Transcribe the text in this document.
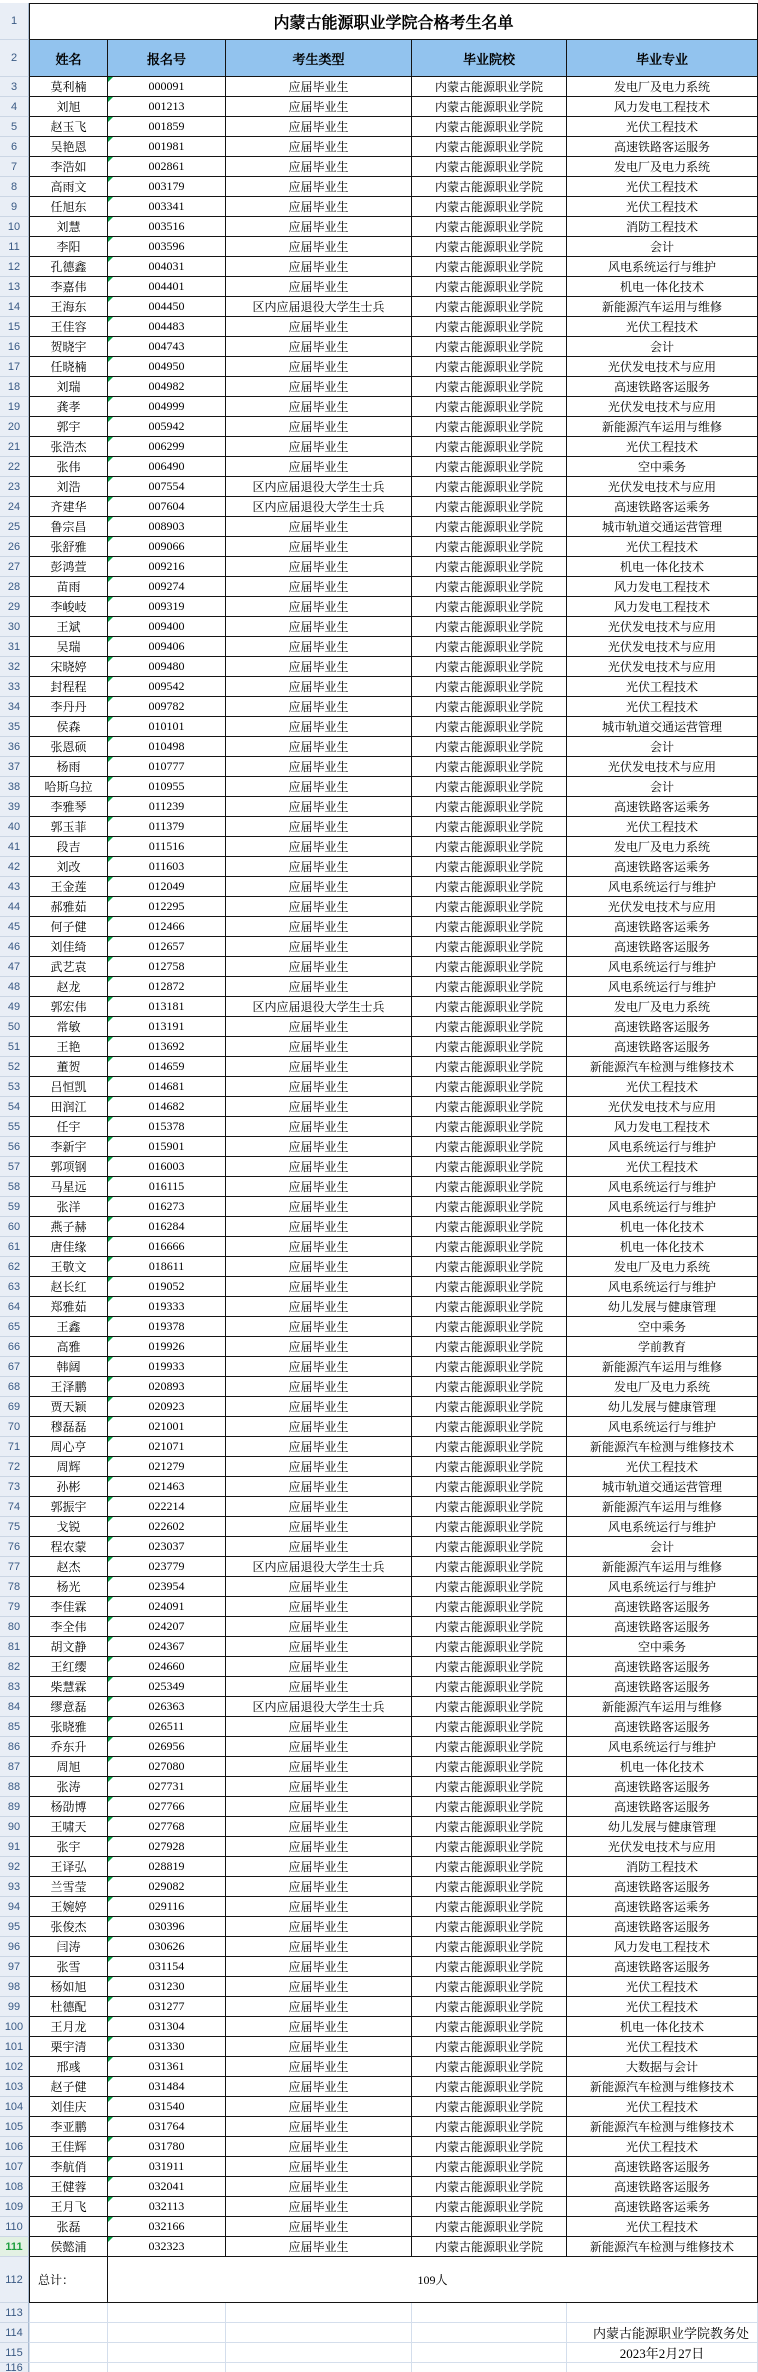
1	内蒙古能源职业学院合格考生名单
2	姓名	报名号	考生类型	毕业院校	毕业专业
3	莫利楠	000091	应届毕业生	内蒙古能源职业学院	发电厂及电力系统
4	刘旭	001213	应届毕业生	内蒙古能源职业学院	风力发电工程技术
5	赵玉飞	001859	应届毕业生	内蒙古能源职业学院	光伏工程技术
6	吴艳恩	001981	应届毕业生	内蒙古能源职业学院	高速铁路客运服务
7	李浩如	002861	应届毕业生	内蒙古能源职业学院	发电厂及电力系统
8	高雨文	003179	应届毕业生	内蒙古能源职业学院	光伏工程技术
9	任旭东	003341	应届毕业生	内蒙古能源职业学院	光伏工程技术
10	刘慧	003516	应届毕业生	内蒙古能源职业学院	消防工程技术
11	李阳	003596	应届毕业生	内蒙古能源职业学院	会计
12	孔德鑫	004031	应届毕业生	内蒙古能源职业学院	风电系统运行与维护
13	李嘉伟	004401	应届毕业生	内蒙古能源职业学院	机电一体化技术
14	王海东	004450	区内应届退役大学生士兵	内蒙古能源职业学院	新能源汽车运用与维修
15	王佳容	004483	应届毕业生	内蒙古能源职业学院	光伏工程技术
16	贺晓宇	004743	应届毕业生	内蒙古能源职业学院	会计
17	任晓楠	004950	应届毕业生	内蒙古能源职业学院	光伏发电技术与应用
18	刘瑞	004982	应届毕业生	内蒙古能源职业学院	高速铁路客运服务
19	龚孝	004999	应届毕业生	内蒙古能源职业学院	光伏发电技术与应用
20	郭宇	005942	应届毕业生	内蒙古能源职业学院	新能源汽车运用与维修
21	张浩杰	006299	应届毕业生	内蒙古能源职业学院	光伏工程技术
22	张伟	006490	应届毕业生	内蒙古能源职业学院	空中乘务
23	刘浩	007554	区内应届退役大学生士兵	内蒙古能源职业学院	光伏发电技术与应用
24	齐建华	007604	区内应届退役大学生士兵	内蒙古能源职业学院	高速铁路客运乘务
25	鲁宗昌	008903	应届毕业生	内蒙古能源职业学院	城市轨道交通运营管理
26	张舒雅	009066	应届毕业生	内蒙古能源职业学院	光伏工程技术
27	彭鸿萱	009216	应届毕业生	内蒙古能源职业学院	机电一体化技术
28	苗雨	009274	应届毕业生	内蒙古能源职业学院	风力发电工程技术
29	李峻岐	009319	应届毕业生	内蒙古能源职业学院	风力发电工程技术
30	王斌	009400	应届毕业生	内蒙古能源职业学院	光伏发电技术与应用
31	吴瑞	009406	应届毕业生	内蒙古能源职业学院	光伏发电技术与应用
32	宋晓婷	009480	应届毕业生	内蒙古能源职业学院	光伏发电技术与应用
33	封程程	009542	应届毕业生	内蒙古能源职业学院	光伏工程技术
34	李丹丹	009782	应届毕业生	内蒙古能源职业学院	光伏工程技术
35	侯森	010101	应届毕业生	内蒙古能源职业学院	城市轨道交通运营管理
36	张恩硕	010498	应届毕业生	内蒙古能源职业学院	会计
37	杨雨	010777	应届毕业生	内蒙古能源职业学院	光伏发电技术与应用
38	哈斯乌拉	010955	应届毕业生	内蒙古能源职业学院	会计
39	李雅琴	011239	应届毕业生	内蒙古能源职业学院	高速铁路客运乘务
40	郭玉菲	011379	应届毕业生	内蒙古能源职业学院	光伏工程技术
41	段吉	011516	应届毕业生	内蒙古能源职业学院	发电厂及电力系统
42	刘改	011603	应届毕业生	内蒙古能源职业学院	高速铁路客运乘务
43	王金莲	012049	应届毕业生	内蒙古能源职业学院	风电系统运行与维护
44	郝雅茹	012295	应届毕业生	内蒙古能源职业学院	光伏发电技术与应用
45	何子健	012466	应届毕业生	内蒙古能源职业学院	高速铁路客运乘务
46	刘佳绮	012657	应届毕业生	内蒙古能源职业学院	高速铁路客运服务
47	武艺袁	012758	应届毕业生	内蒙古能源职业学院	风电系统运行与维护
48	赵龙	012872	应届毕业生	内蒙古能源职业学院	风电系统运行与维护
49	郭宏伟	013181	区内应届退役大学生士兵	内蒙古能源职业学院	发电厂及电力系统
50	常敏	013191	应届毕业生	内蒙古能源职业学院	高速铁路客运服务
51	王艳	013692	应届毕业生	内蒙古能源职业学院	高速铁路客运服务
52	董贺	014659	应届毕业生	内蒙古能源职业学院	新能源汽车检测与维修技术
53	吕恒凯	014681	应届毕业生	内蒙古能源职业学院	光伏工程技术
54	田润江	014682	应届毕业生	内蒙古能源职业学院	光伏发电技术与应用
55	任宇	015378	应届毕业生	内蒙古能源职业学院	风力发电工程技术
56	李新宇	015901	应届毕业生	内蒙古能源职业学院	风电系统运行与维护
57	郭项钢	016003	应届毕业生	内蒙古能源职业学院	光伏工程技术
58	马星远	016115	应届毕业生	内蒙古能源职业学院	风电系统运行与维护
59	张洋	016273	应届毕业生	内蒙古能源职业学院	风电系统运行与维护
60	燕子赫	016284	应届毕业生	内蒙古能源职业学院	机电一体化技术
61	唐佳缘	016666	应届毕业生	内蒙古能源职业学院	机电一体化技术
62	王敬文	018611	应届毕业生	内蒙古能源职业学院	发电厂及电力系统
63	赵长红	019052	应届毕业生	内蒙古能源职业学院	风电系统运行与维护
64	郑雅茹	019333	应届毕业生	内蒙古能源职业学院	幼儿发展与健康管理
65	王鑫	019378	应届毕业生	内蒙古能源职业学院	空中乘务
66	高雅	019926	应届毕业生	内蒙古能源职业学院	学前教育
67	韩阔	019933	应届毕业生	内蒙古能源职业学院	新能源汽车运用与维修
68	王泽鹏	020893	应届毕业生	内蒙古能源职业学院	发电厂及电力系统
69	贾天颖	020923	应届毕业生	内蒙古能源职业学院	幼儿发展与健康管理
70	穆磊磊	021001	应届毕业生	内蒙古能源职业学院	风电系统运行与维护
71	周心亨	021071	应届毕业生	内蒙古能源职业学院	新能源汽车检测与维修技术
72	周辉	021279	应届毕业生	内蒙古能源职业学院	光伏工程技术
73	孙彬	021463	应届毕业生	内蒙古能源职业学院	城市轨道交通运营管理
74	郭振宇	022214	应届毕业生	内蒙古能源职业学院	新能源汽车运用与维修
75	戈锐	022602	应届毕业生	内蒙古能源职业学院	风电系统运行与维护
76	程农蒙	023037	应届毕业生	内蒙古能源职业学院	会计
77	赵杰	023779	区内应届退役大学生士兵	内蒙古能源职业学院	新能源汽车运用与维修
78	杨光	023954	应届毕业生	内蒙古能源职业学院	风电系统运行与维护
79	李佳霖	024091	应届毕业生	内蒙古能源职业学院	高速铁路客运服务
80	李全伟	024207	应届毕业生	内蒙古能源职业学院	高速铁路客运服务
81	胡文静	024367	应届毕业生	内蒙古能源职业学院	空中乘务
82	王红缨	024660	应届毕业生	内蒙古能源职业学院	高速铁路客运服务
83	柴慧霖	025349	应届毕业生	内蒙古能源职业学院	高速铁路客运服务
84	缪意磊	026363	区内应届退役大学生士兵	内蒙古能源职业学院	新能源汽车运用与维修
85	张晓雅	026511	应届毕业生	内蒙古能源职业学院	高速铁路客运服务
86	乔东升	026956	应届毕业生	内蒙古能源职业学院	风电系统运行与维护
87	周旭	027080	应届毕业生	内蒙古能源职业学院	机电一体化技术
88	张涛	027731	应届毕业生	内蒙古能源职业学院	高速铁路客运服务
89	杨劭博	027766	应届毕业生	内蒙古能源职业学院	高速铁路客运服务
90	王啸天	027768	应届毕业生	内蒙古能源职业学院	幼儿发展与健康管理
91	张宇	027928	应届毕业生	内蒙古能源职业学院	光伏发电技术与应用
92	王译弘	028819	应届毕业生	内蒙古能源职业学院	消防工程技术
93	兰雪莹	029082	应届毕业生	内蒙古能源职业学院	高速铁路客运服务
94	王婉婷	029116	应届毕业生	内蒙古能源职业学院	高速铁路客运乘务
95	张俊杰	030396	应届毕业生	内蒙古能源职业学院	高速铁路客运服务
96	闫涛	030626	应届毕业生	内蒙古能源职业学院	风力发电工程技术
97	张雪	031154	应届毕业生	内蒙古能源职业学院	高速铁路客运服务
98	杨如旭	031230	应届毕业生	内蒙古能源职业学院	光伏工程技术
99	杜德配	031277	应届毕业生	内蒙古能源职业学院	光伏工程技术
100	王月龙	031304	应届毕业生	内蒙古能源职业学院	机电一体化技术
101	栗宇清	031330	应届毕业生	内蒙古能源职业学院	光伏工程技术
102	邢彧	031361	应届毕业生	内蒙古能源职业学院	大数据与会计
103	赵子健	031484	应届毕业生	内蒙古能源职业学院	新能源汽车检测与维修技术
104	刘佳庆	031540	应届毕业生	内蒙古能源职业学院	光伏工程技术
105	李亚鹏	031764	应届毕业生	内蒙古能源职业学院	新能源汽车检测与维修技术
106	王佳辉	031780	应届毕业生	内蒙古能源职业学院	光伏工程技术
107	李航俏	031911	应届毕业生	内蒙古能源职业学院	高速铁路客运服务
108	王健蓉	032041	应届毕业生	内蒙古能源职业学院	高速铁路客运服务
109	王月飞	032113	应届毕业生	内蒙古能源职业学院	高速铁路客运乘务
110	张磊	032166	应届毕业生	内蒙古能源职业学院	光伏工程技术
111	侯懿浦	032323	应届毕业生	内蒙古能源职业学院	新能源汽车检测与维修技术
112	总计：	109人
113
114	内蒙古能源职业学院教务处
115	2023年2月27日
116
